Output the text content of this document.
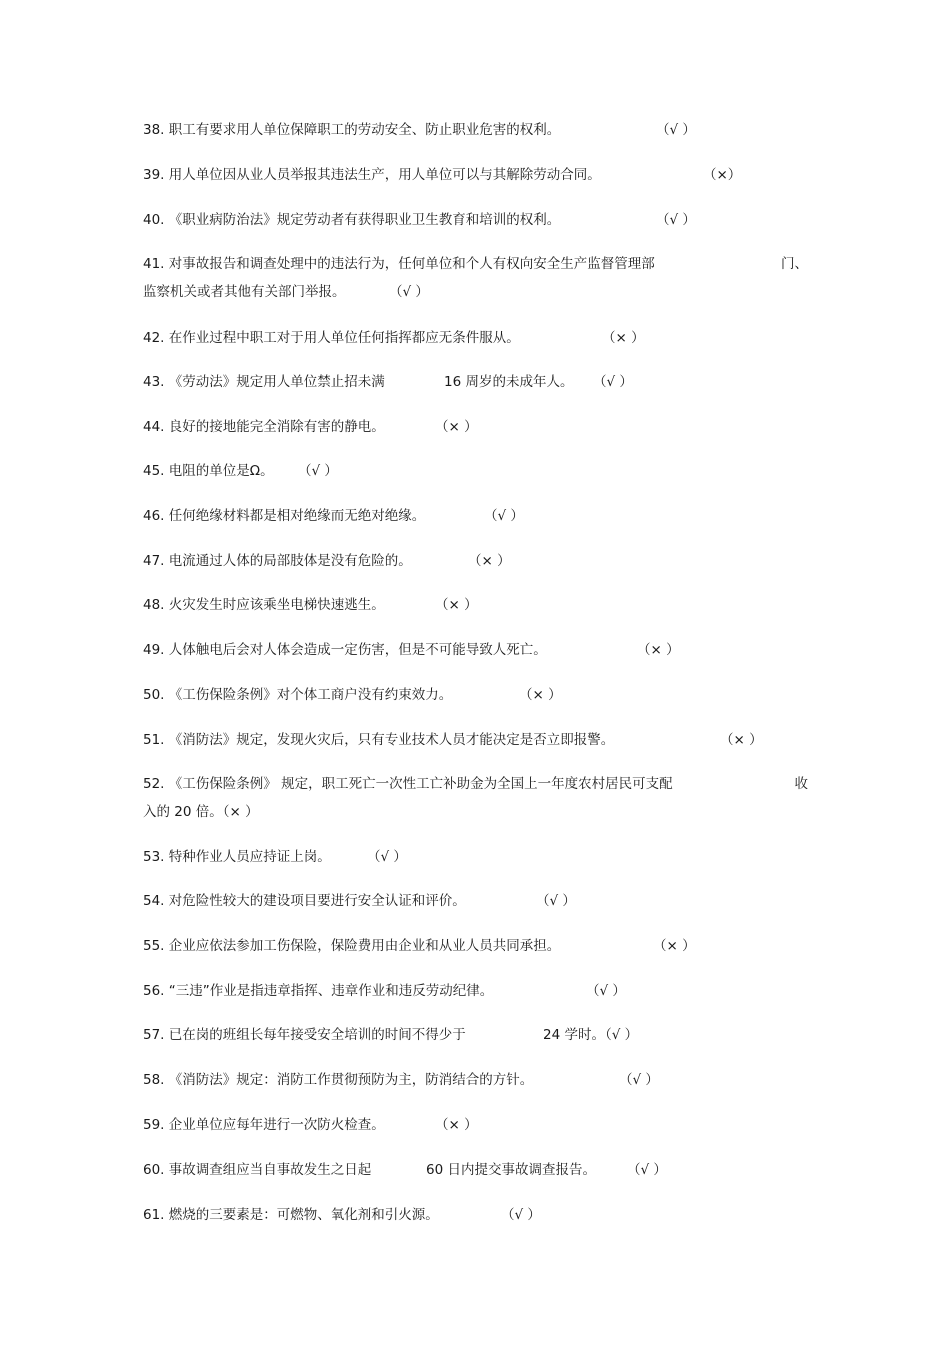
38. 职工有要求用人单位保障职工的劳动安全、防止职业危害的权利。	（√ ）
39. 用人单位因从业人员举报其违法生产，用人单位可以与其解除劳动合同。	（×）
40. 《职业病防治法》规定劳动者有获得职业卫生教育和培训的权利。	（√ ）
41. 对事故报告和调查处理中的违法行为，任何单位和个人有权向安全生产监督管理部	门、
监察机关或者其他有关部门举报。	（√ ）
42. 在作业过程中职工对于用人单位任何指挥都应无条件服从。	（× ）
43. 《劳动法》规定用人单位禁止招未满	16 周岁的未成年人。 （√ ）
44. 良好的接地能完全消除有害的静电。	（× ）
45. 电阻的单位是Ω。 （√ ）
46. 任何绝缘材料都是相对绝缘而无绝对绝缘。	（√ ）
47. 电流通过人体的局部肢体是没有危险的。	（× ）
48. 火灾发生时应该乘坐电梯快速逃生。	（× ）
49. 人体触电后会对人体会造成一定伤害，但是不可能导致人死亡。	（× ）
50. 《工伤保险条例》对个体工商户没有约束效力。	（× ）
51. 《消防法》规定，发现火灾后，只有专业技术人员才能决定是否立即报警。	（× ）
52. 《工伤保险条例》 规定，职工死亡一次性工亡补助金为全国上一年度农村居民可支配	收
入的 20 倍。（× ）
53. 特种作业人员应持证上岗。	（√ ）
54. 对危险性较大的建设项目要进行安全认证和评价。	（√ ）
55. 企业应依法参加工伤保险，保险费用由企业和从业人员共同承担。	（× ）
56. “三违”作业是指违章指挥、违章作业和违反劳动纪律。	（√ ）
57. 已在岗的班组长每年接受安全培训的时间不得少于	24 学时。（√ ）
58. 《消防法》规定：消防工作贯彻预防为主，防消结合的方针。	（√ ）
59. 企业单位应每年进行一次防火检查。	（× ）
60. 事故调查组应当自事故发生之日起	60 日内提交事故调查报告。 （√ ）
61. 燃烧的三要素是：可燃物、氧化剂和引火源。	（√ ）
